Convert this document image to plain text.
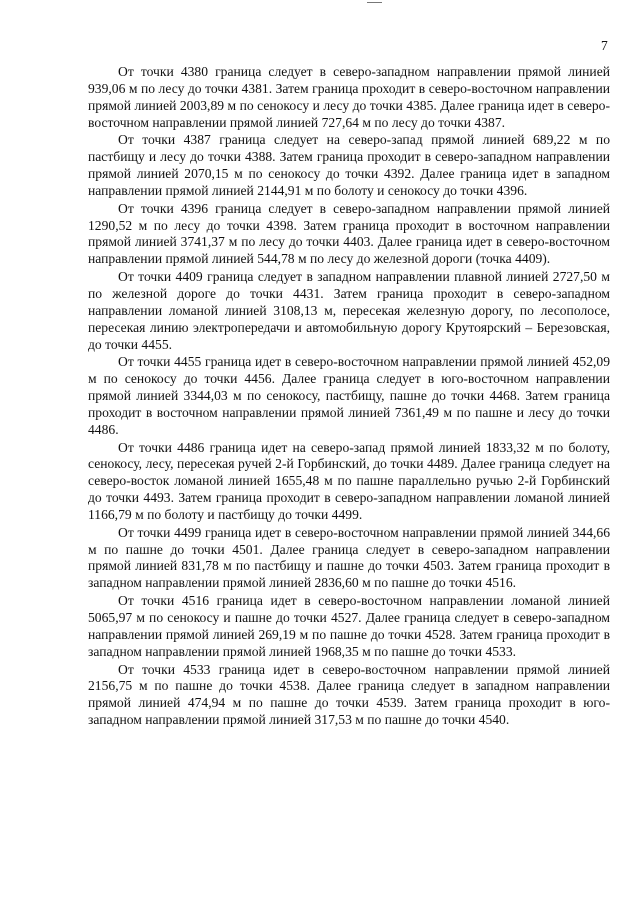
7

От точки 4380 граница следует в северо-западном направлении прямой линией 939,06 м по лесу до точки 4381. Затем граница проходит в северо-восточном направлении прямой линией 2003,89 м по сенокосу и лесу до точки 4385. Далее граница идет в северо-восточном направлении прямой линией 727,64 м по лесу до точки 4387.

От точки 4387 граница следует на северо-запад прямой линией 689,22 м по пастбищу и лесу до точки 4388. Затем граница проходит в северо-западном направлении прямой линией 2070,15 м по сенокосу до точки 4392. Далее граница идет в западном направлении прямой линией 2144,91 м по болоту и сенокосу до точки 4396.

От точки 4396 граница следует в северо-западном направлении прямой линией 1290,52 м по лесу до точки 4398. Затем граница проходит в восточном направлении прямой линией 3741,37 м по лесу до точки 4403. Далее граница идет в северо-восточном направлении прямой линией 544,78 м по лесу до железной дороги (точка 4409).

От точки 4409 граница следует в западном направлении плавной линией 2727,50 м по железной дороге до точки 4431. Затем граница проходит в северо-западном направлении ломаной линией 3108,13 м, пересекая железную дорогу, по лесополосе, пересекая линию электропередачи и автомобильную дорогу Крутоярский – Березовская, до точки 4455.

От точки 4455 граница идет в северо-восточном направлении прямой линией 452,09 м по сенокосу до точки 4456. Далее граница следует в юго-восточном направлении прямой линией 3344,03 м по сенокосу, пастбищу, пашне до точки 4468. Затем граница проходит в восточном направлении прямой линией 7361,49 м по пашне и лесу до точки 4486.

От точки 4486 граница идет на северо-запад прямой линией 1833,32 м по болоту, сенокосу, лесу, пересекая ручей 2-й Горбинский, до точки 4489. Далее граница следует на северо-восток ломаной линией 1655,48 м по пашне параллельно ручью 2-й Горбинский до точки 4493. Затем граница проходит в северо-западном направлении ломаной линией 1166,79 м по болоту и пастбищу до точки 4499.

От точки 4499 граница идет в северо-восточном направлении прямой линией 344,66 м по пашне до точки 4501. Далее граница следует в северо-западном направлении прямой линией 831,78 м по пастбищу и пашне до точки 4503. Затем граница проходит в западном направлении прямой линией 2836,60 м по пашне до точки 4516.

От точки 4516 граница идет в северо-восточном направлении ломаной линией 5065,97 м по сенокосу и пашне до точки 4527. Далее граница следует в северо-западном направлении прямой линией 269,19 м по пашне до точки 4528. Затем граница проходит в западном направлении прямой линией 1968,35 м по пашне до точки 4533.

От точки 4533 граница идет в северо-восточном направлении прямой линией 2156,75 м по пашне до точки 4538. Далее граница следует в западном направлении прямой линией 474,94 м по пашне до точки 4539. Затем граница проходит в юго-западном направлении прямой линией 317,53 м по пашне до точки 4540.
